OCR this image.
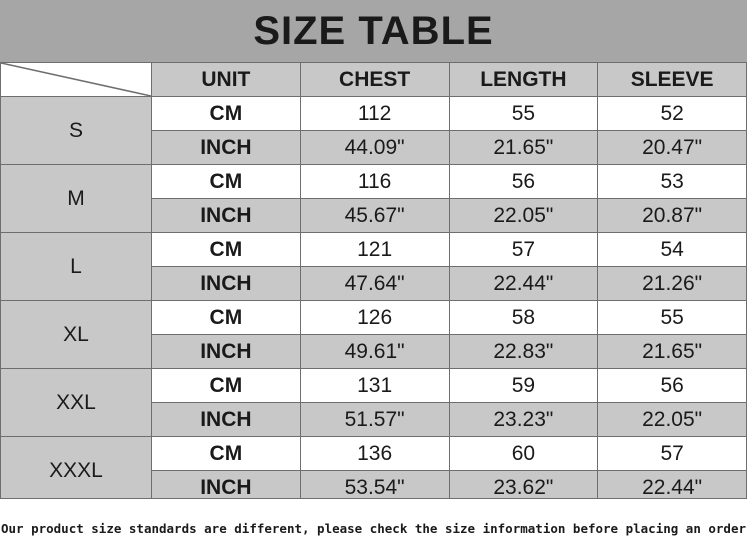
SIZE TABLE
	UNIT	CHEST	LENGTH	SLEEVE
S	CM	112	55	52
	INCH	44.09"	21.65"	20.47"
M	CM	116	56	53
	INCH	45.67"	22.05"	20.87"
L	CM	121	57	54
	INCH	47.64"	22.44"	21.26"
XL	CM	126	58	55
	INCH	49.61"	22.83"	21.65"
XXL	CM	131	59	56
	INCH	51.57"	23.23"	22.05"
XXXL	CM	136	60	57
	INCH	53.54"	23.62"	22.44"
Our product size standards are different, please check the size information before placing an order
